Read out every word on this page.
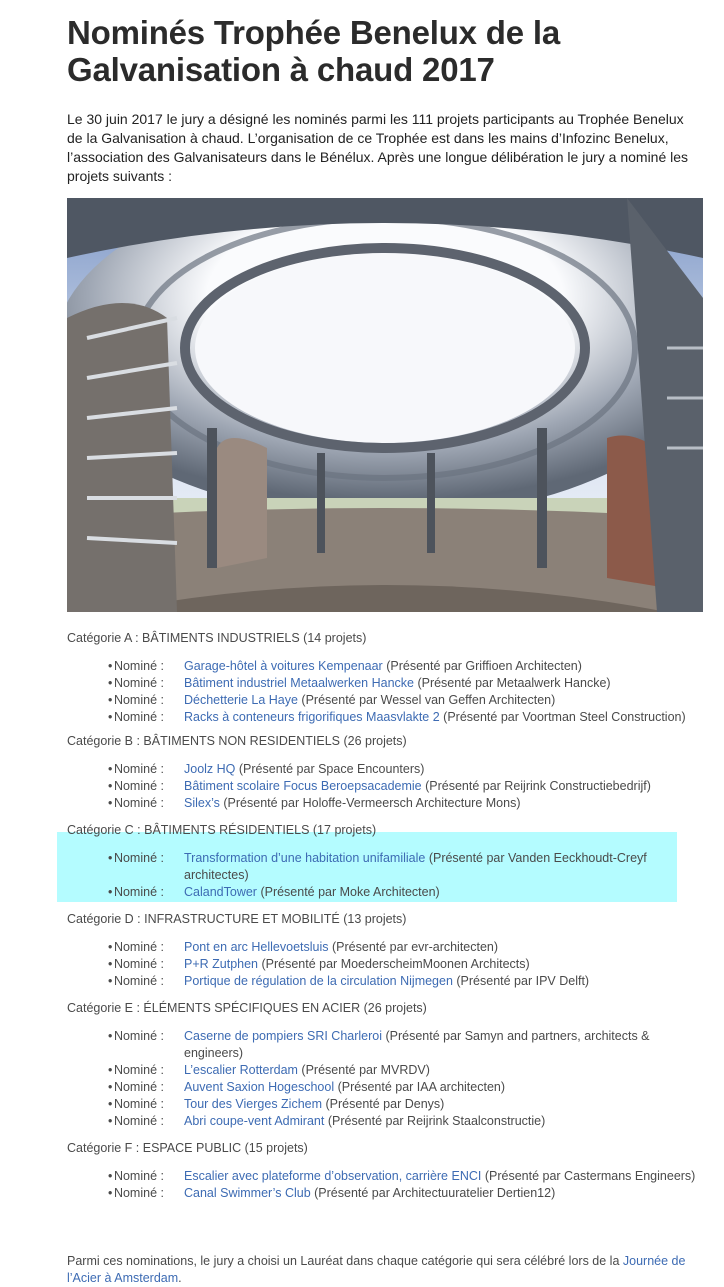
Nominés Trophée Benelux de la Galvanisation à chaud 2017

Le 30 juin 2017 le jury a désigné les nominés parmi les 111 projets participants au Trophée Benelux de la Galvanisation à chaud. L’organisation de ce Trophée est dans les mains d’Infozinc Benelux, l’association des Galvanisateurs dans le Bénélux. Après une longue délibération le jury a nominé les projets suivants :

Catégorie A : BÂTIMENTS INDUSTRIELS (14 projets)

• Nominé :	Garage-hôtel à voitures Kempenaar (Présenté par Griffioen Architecten)
• Nominé :	Bâtiment industriel Metaalwerken Hancke (Présenté par Metaalwerk Hancke)
• Nominé :	Déchetterie La Haye (Présenté par Wessel van Geffen Architecten)
• Nominé :	Racks à conteneurs frigorifiques Maasvlakte 2 (Présenté par Voortman Steel Construction)

Catégorie B : BÂTIMENTS NON RESIDENTIELS (26 projets)

• Nominé :	Joolz HQ (Présenté par Space Encounters)
• Nominé :	Bâtiment scolaire Focus Beroepsacademie (Présenté par Reijrink Constructiebedrijf)
• Nominé :	Silex’s (Présenté par Holoffe-Vermeersch Architecture Mons)

Catégorie C : BÂTIMENTS RÉSIDENTIELS (17 projets)

• Nominé :	Transformation d’une habitation unifamiliale (Présenté par Vanden Eeckhoudt-Creyf architectes)
• Nominé :	CalandTower (Présenté par Moke Architecten)

Catégorie D : INFRASTRUCTURE ET MOBILITÉ (13 projets)

• Nominé :	Pont en arc Hellevoetsluis (Présenté par evr-architecten)
• Nominé :	P+R Zutphen (Présenté par MoederscheimMoonen Architects)
• Nominé :	Portique de régulation de la circulation Nijmegen (Présenté par IPV Delft)

Catégorie E : ÉLÉMENTS SPÉCIFIQUES EN ACIER (26 projets)

• Nominé :	Caserne de pompiers SRI Charleroi (Présenté par Samyn and partners, architects & engineers)
• Nominé :	L’escalier Rotterdam (Présenté par MVRDV)
• Nominé :	Auvent Saxion Hogeschool (Présenté par IAA architecten)
• Nominé :	Tour des Vierges Zichem (Présenté par Denys)
• Nominé :	Abri coupe-vent Admirant (Présenté par Reijrink Staalconstructie)

Catégorie F : ESPACE PUBLIC (15 projets)

• Nominé :	Escalier avec plateforme d’observation, carrière ENCI (Présenté par Castermans Engineers)
• Nominé :	Canal Swimmer’s Club (Présenté par Architectuuratelier Dertien12)

Parmi ces nominations, le jury a choisi un Lauréat dans chaque catégorie qui sera célébré lors de la Journée de l’Acier à Amsterdam.
